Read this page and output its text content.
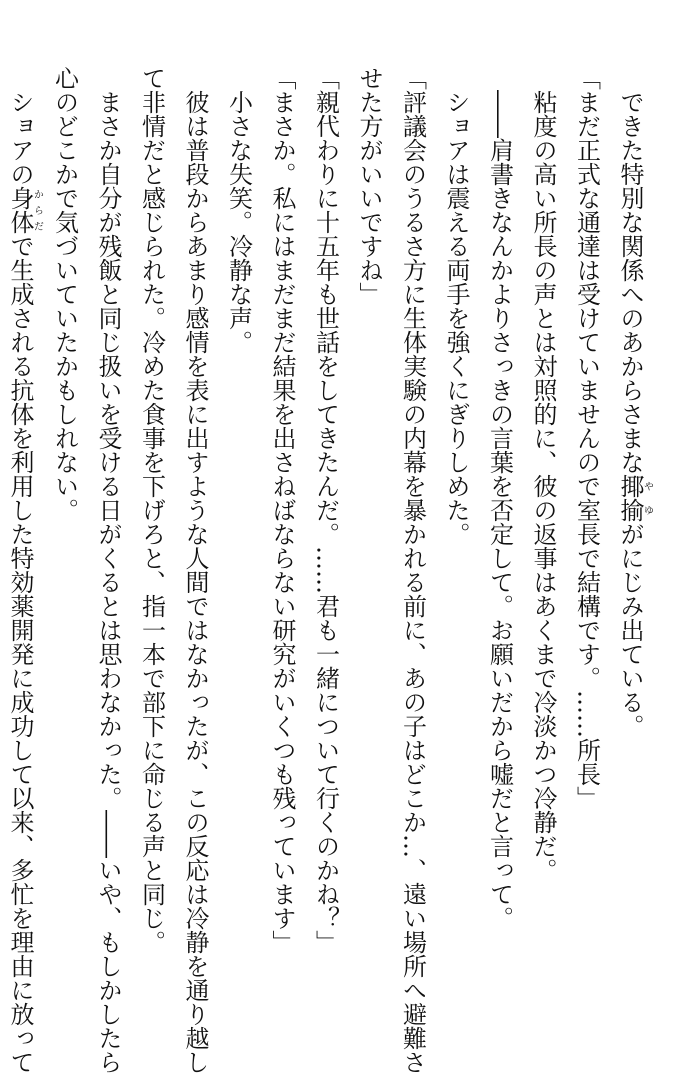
できた特別な関係へのあからさまな揶揄やゆがにじみ出ている。
「まだ正式な通達は受けていませんので室長で結構です。……所長」
粘度の高い所長の声とは対照的に、彼の返事はあくまで冷淡かつ冷静だ。
――肩書きなんかよりさっきの言葉を否定して。お願いだから嘘だと言って。
ショアは震える両手を強くにぎりしめた。
「評議会のうるさ方に生体実験の内幕を暴かれる前に、あの子はどこか…、遠い場所へ避難さ
せた方がいいですね」
「親代わりに十五年も世話をしてきたんだ。……君も一緒について行くのかね？」
「まさか。私にはまだまだ結果を出さねばならない研究がいくつも残っています」
小さな失笑。冷静な声。
彼は普段からあまり感情を表に出すような人間ではなかったが、この反応は冷静を通り越し
て非情だと感じられた。冷めた食事を下げろと、指一本で部下に命じる声と同じ。
まさか自分が残飯と同じ扱いを受ける日がくるとは思わなかった。――いや、もしかしたら
心のどこかで気づいていたかもしれない。
ショアの身体からだで生成される抗体を利用した特効薬開発に成功して以来、多忙を理由に放って
